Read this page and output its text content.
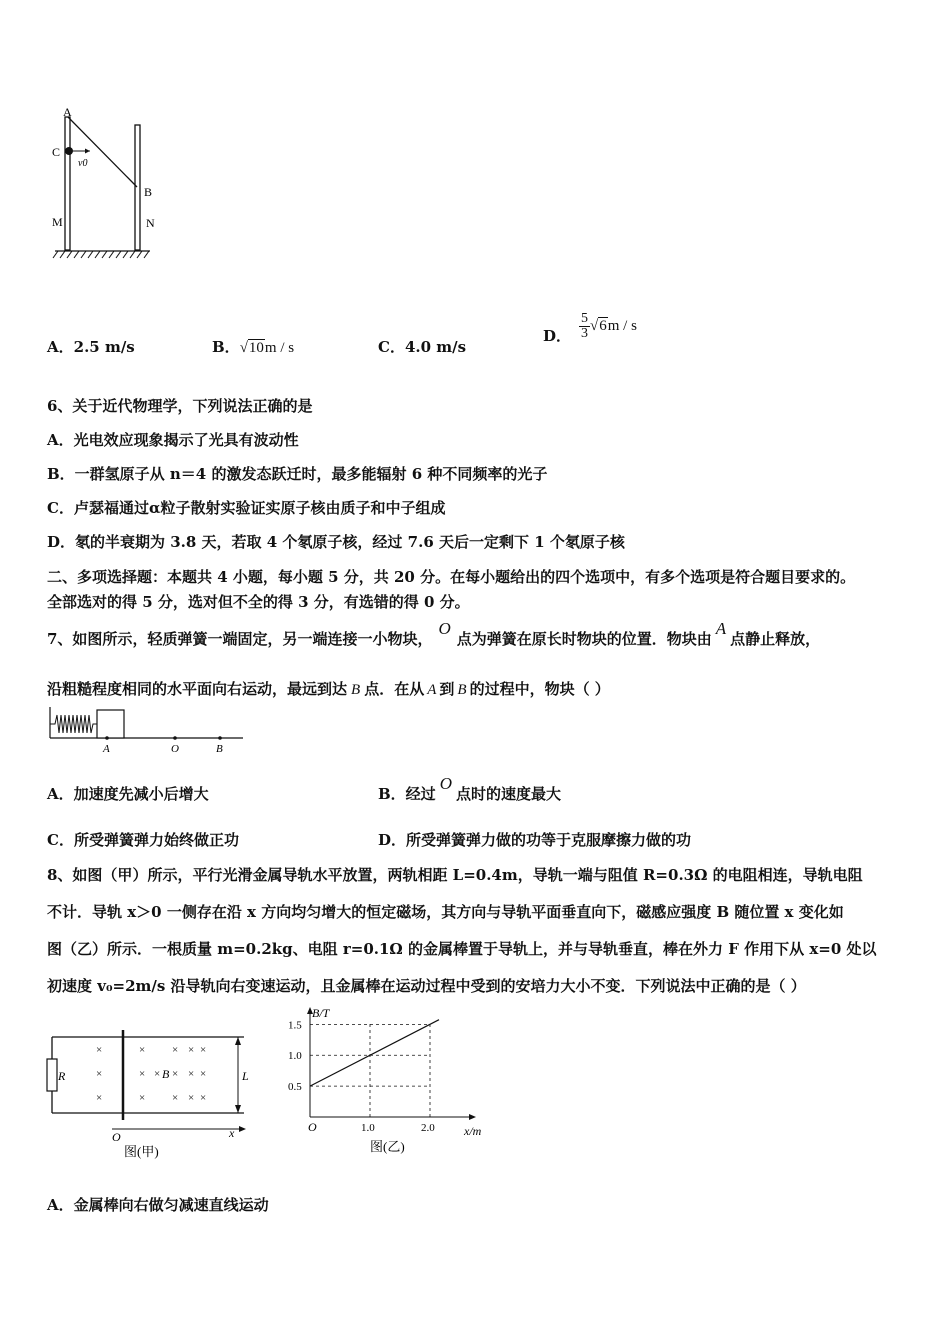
A
C
v0
B
M	N
A．2.5 m/s	B．√10m / s	C．4.0 m/s
D． $\frac{5}{3} √6m$ / s
6、关于近代物理学，下列说法正确的是
A．光电效应现象揭示了光具有波动性
B．一群氢原子从 n＝4 的激发态跃迁时，最多能辐射 6 种不同频率的光子
C．卢瑟福通过α粒子散射实验证实原子核由质子和中子组成
D．氡的半衰期为 3.8 天，若取 4 个氡原子核，经过 7.6 天后一定剩下 1 个氡原子核
二、多项选择题：本题共 4 小题，每小题 5 分，共 20 分。在每小题给出的四个选项中，有多个选项是符合题目要求的。
全部选对的得 5 分，选对但不全的得 3 分，有选错的得 0 分。
7、如图所示，轻质弹簧一端固定，另一端连接一小物块，O点为弹簧在原长时物块的位置．物块由A点静止释放，
沿粗糙程度相同的水平面向右运动，最远到达 B 点．在从 A 到 B 的过程中，物块（ ）
A	O	B
A．加速度先减小后增大	B．经过O点时的速度最大
C．所受弹簧弹力始终做正功	D．所受弹簧弹力做的功等于克服摩擦力做的功
8、如图（甲）所示，平行光滑金属导轨水平放置，两轨相距 L=0.4m，导轨一端与阻值 R=0.3Ω 的电阻相连，导轨电阻
不计．导轨 x＞0 一侧存在沿 x 方向均匀增大的恒定磁场，其方向与导轨平面垂直向下，磁感应强度 B 随位置 x 变化如
图（乙）所示．一根质量 m=0.2kg、电阻 r=0.1Ω 的金属棒置于导轨上，并与导轨垂直，棒在外力 F 作用下从 x=0 处以
初速度 v₀=2m/s 沿导轨向右变速运动，且金属棒在运动过程中受到的安培力大小不变．下列说法中正确的是（ ）
×
×
×
×
×
×
×
×
×
×
×
×
×
×
×
×
R	B	L
O	x
图(甲)
1.5
1.0
0.5
1.0	2.0
O
B/T
x/m
图(乙)
A．金属棒向右做匀减速直线运动
